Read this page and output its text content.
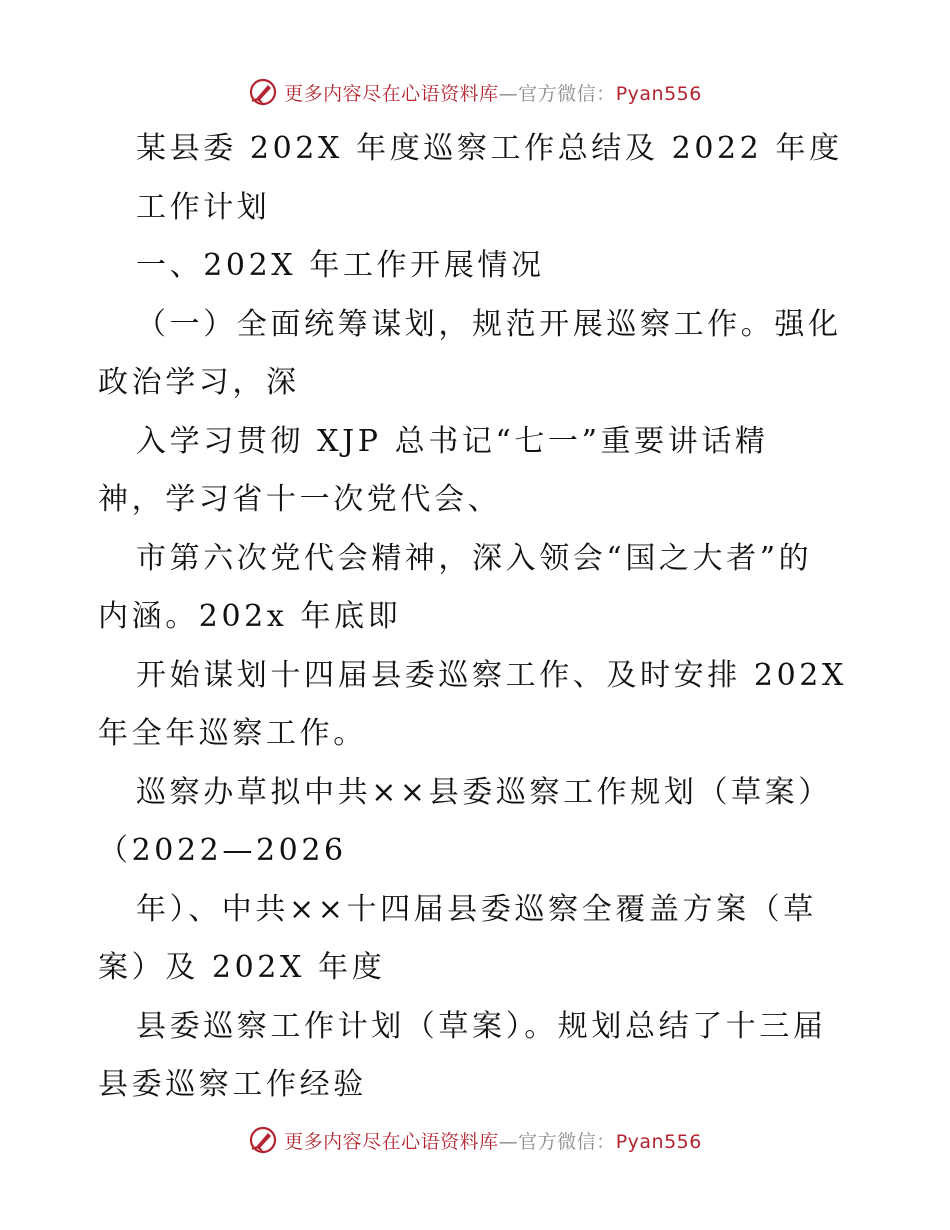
更多内容尽在心语资料库—官方微信：Pyan556
某县委 202X 年度巡察工作总结及 2022 年度
工作计划
一、202X 年工作开展情况
（一）全面统筹谋划，规范开展巡察工作。强化
政治学习，深
入学习贯彻 XJP 总书记“七一”重要讲话精
神，学习省十一次党代会、
市第六次党代会精神，深入领会“国之大者”的
内涵。202x 年底即
开始谋划十四届县委巡察工作、及时安排 202X
年全年巡察工作。
巡察办草拟中共××县委巡察工作规划（草案）
（2022—2026
年）、中共××十四届县委巡察全覆盖方案（草
案）及 202X 年度
县委巡察工作计划（草案）。规划总结了十三届
县委巡察工作经验
更多内容尽在心语资料库—官方微信：Pyan556
